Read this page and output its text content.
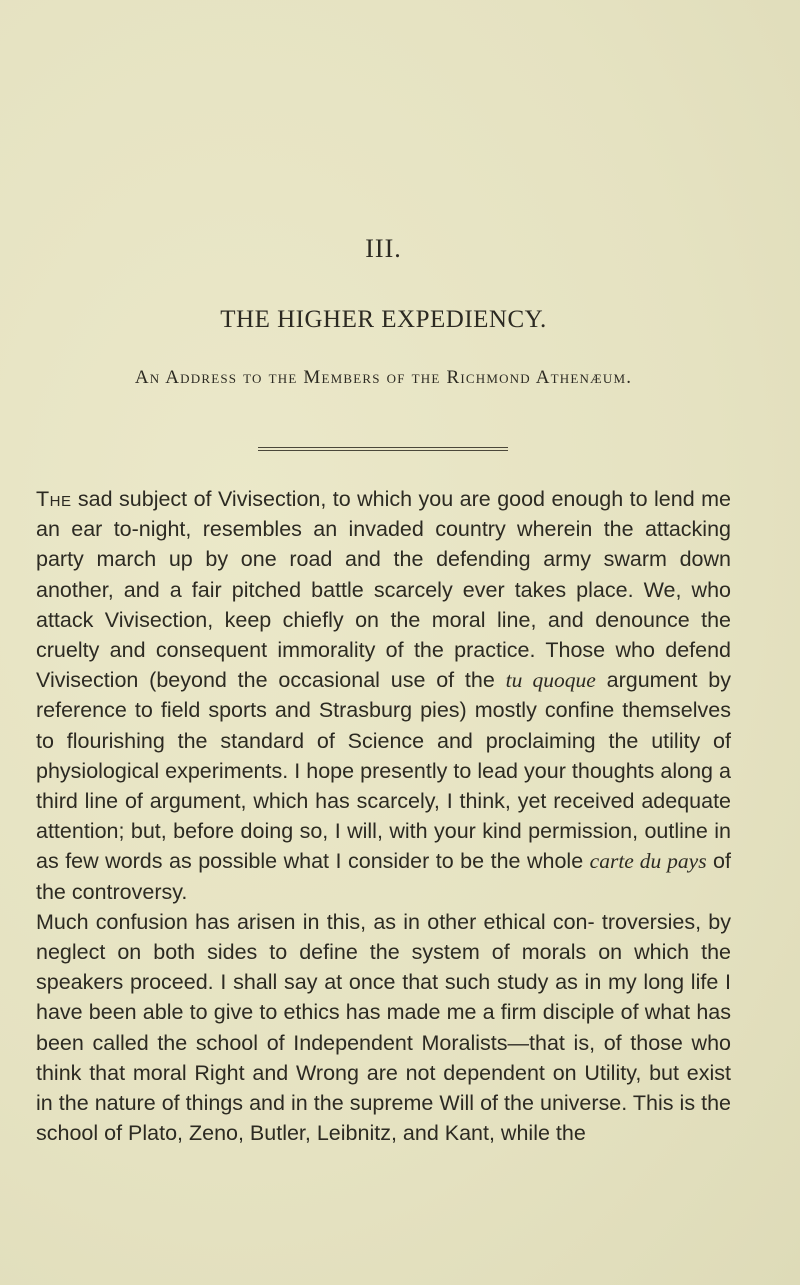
III.
THE HIGHER EXPEDIENCY.
An Address to the Members of the Richmond Athenæum.

The sad subject of Vivisection, to which you are good enough to lend me an ear to-night, resembles an invaded country wherein the attacking party march up by one road and the defending army swarm down another, and a fair pitched battle scarcely ever takes place. We, who attack Vivisection, keep chiefly on the moral line, and denounce the cruelty and consequent immorality of the practice. Those who defend Vivisection (beyond the occasional use of the tu quoque argument by reference to field sports and Strasburg pies) mostly confine themselves to flourishing the standard of Science and proclaiming the utility of physiological experiments. I hope presently to lead your thoughts along a third line of argument, which has scarcely, I think, yet received adequate attention; but, before doing so, I will, with your kind permission, outline in as few words as possible what I consider to be the whole carte du pays of the controversy.

Much confusion has arisen in this, as in other ethical con- troversies, by neglect on both sides to define the system of morals on which the speakers proceed. I shall say at once that such study as in my long life I have been able to give to ethics has made me a firm disciple of what has been called the school of Independent Moralists—that is, of those who think that moral Right and Wrong are not dependent on Utility, but exist in the nature of things and in the supreme Will of the universe. This is the school of Plato, Zeno, Butler, Leibnitz, and Kant, while the
